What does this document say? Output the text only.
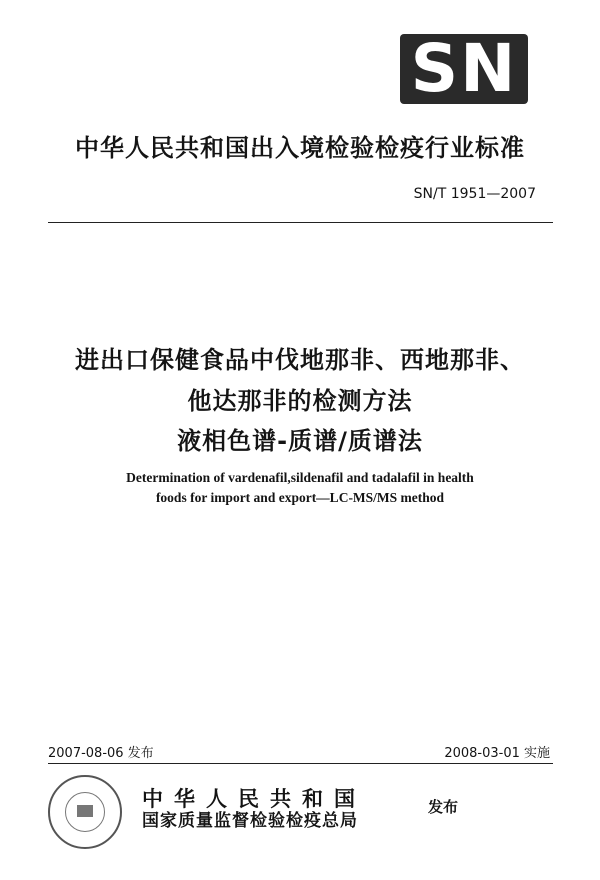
SN
中华人民共和国出入境检验检疫行业标准
SN/T 1951—2007
进出口保健食品中伐地那非、西地那非、
他达那非的检测方法
液相色谱-质谱/质谱法
Determination of vardenafil,sildenafil and tadalafil in health
foods for import and export—LC-MS/MS method
2007-08-06 发布	2008-03-01 实施
中华人民共和国
国家质量监督检验检疫总局
发布
